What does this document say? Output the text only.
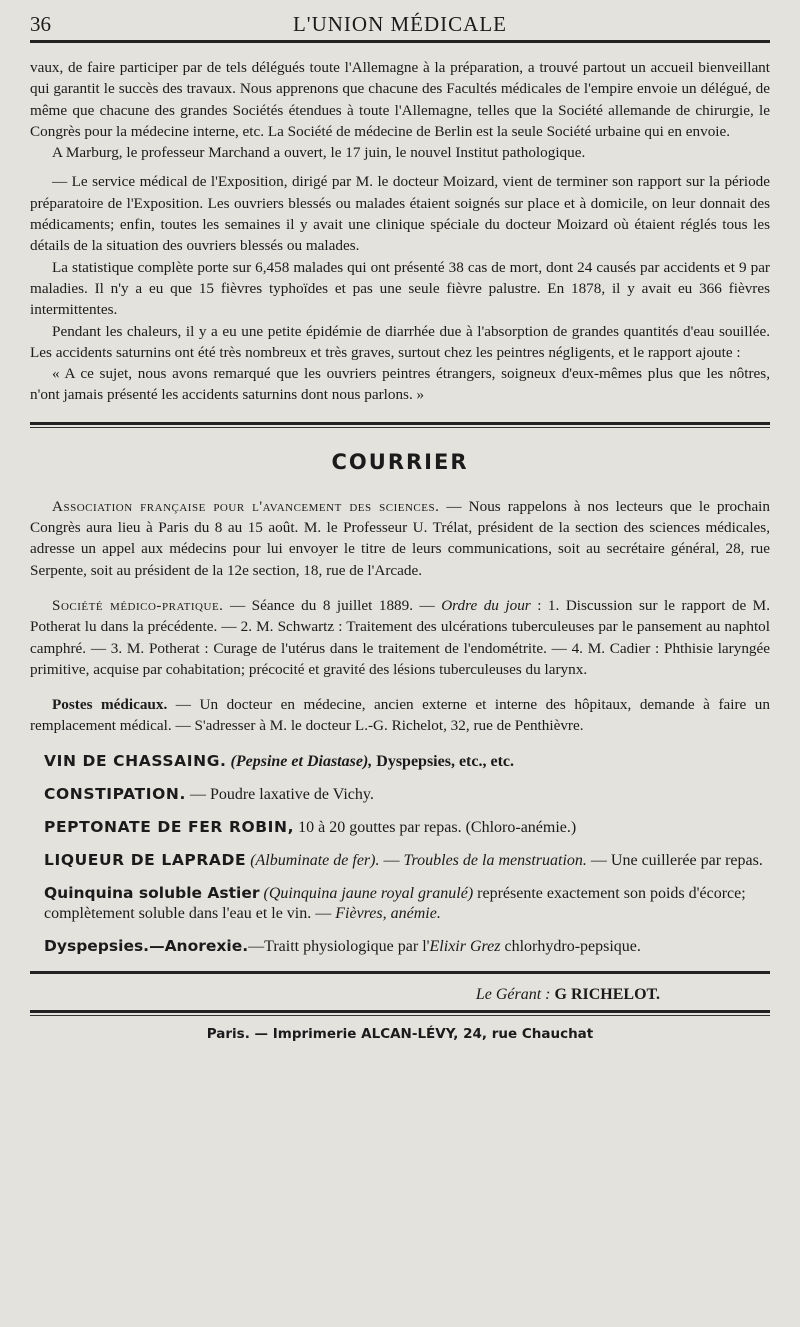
36	L'UNION MÉDICALE

vaux, de faire participer par de tels délégués toute l'Allemagne à la préparation, a trouvé partout un accueil bienveillant qui garantit le succès des travaux. Nous apprenons que chacune des Facultés médicales de l'empire envoie un délégué, de même que chacune des grandes Sociétés étendues à toute l'Allemagne, telles que la Société allemande de chirurgie, le Congrès pour la médecine interne, etc. La Société de médecine de Berlin est la seule Société urbaine qui en envoie.

A Marburg, le professeur Marchand a ouvert, le 17 juin, le nouvel Institut pathologique.

— Le service médical de l'Exposition, dirigé par M. le docteur Moizard, vient de terminer son rapport sur la période préparatoire de l'Exposition. Les ouvriers blessés ou malades étaient soignés sur place et à domicile, on leur donnait des médicaments; enfin, toutes les semaines il y avait une clinique spéciale du docteur Moizard où étaient réglés tous les détails de la situation des ouvriers blessés ou malades.

La statistique complète porte sur 6,458 malades qui ont présenté 38 cas de mort, dont 24 causés par accidents et 9 par maladies. Il n'y a eu que 15 fièvres typhoïdes et pas une seule fièvre palustre. En 1878, il y avait eu 366 fièvres intermittentes.

Pendant les chaleurs, il y a eu une petite épidémie de diarrhée due à l'absorption de grandes quantités d'eau souillée. Les accidents saturnins ont été très nombreux et très graves, surtout chez les peintres négligents, et le rapport ajoute :

« A ce sujet, nous avons remarqué que les ouvriers peintres étrangers, soigneux d'eux-mêmes plus que les nôtres, n'ont jamais présenté les accidents saturnins dont nous parlons. »

COURRIER

Association française pour l'avancement des sciences. — Nous rappelons à nos lecteurs que le prochain Congrès aura lieu à Paris du 8 au 15 août. M. le Professeur U. Trélat, président de la section des sciences médicales, adresse un appel aux médecins pour lui envoyer le titre de leurs communications, soit au secrétaire général, 28, rue Serpente, soit au président de la 12e section, 18, rue de l'Arcade.

Société médico-pratique. — Séance du 8 juillet 1889. — Ordre du jour : 1. Discussion sur le rapport de M. Potherat lu dans la précédente. — 2. M. Schwartz : Traitement des ulcérations tuberculeuses par le pansement au naphtol camphré. — 3. M. Potherat : Curage de l'utérus dans le traitement de l'endométrite. — 4. M. Cadier : Phthisie laryngée primitive, acquise par cohabitation; précocité et gravité des lésions tuberculeuses du larynx.

Postes médicaux. — Un docteur en médecine, ancien externe et interne des hôpitaux, demande à faire un remplacement médical. — S'adresser à M. le docteur L.-G. Richelot, 32, rue de Penthièvre.

VIN DE CHASSAING. (Pepsine et Diastase), Dyspepsies, etc., etc.

CONSTIPATION. — Poudre laxative de Vichy.

PEPTONATE DE FER ROBIN, 10 à 20 gouttes par repas. (Chloro-anémie.)

LIQUEUR DE LAPRADE (Albuminate de fer). — Troubles de la menstruation. — Une cuillerée par repas.

Quinquina soluble Astier (Quinquina jaune royal granulé) représente exactement son poids d'écorce; complètement soluble dans l'eau et le vin. — Fièvres, anémie.

Dyspepsies.—Anorexie.—Traitt physiologique par l'Elixir Grez chlorhydro-pepsique.

Le Gérant : G RICHELOT.
Paris. — Imprimerie ALCAN-LÉVY, 24, rue Chauchat
